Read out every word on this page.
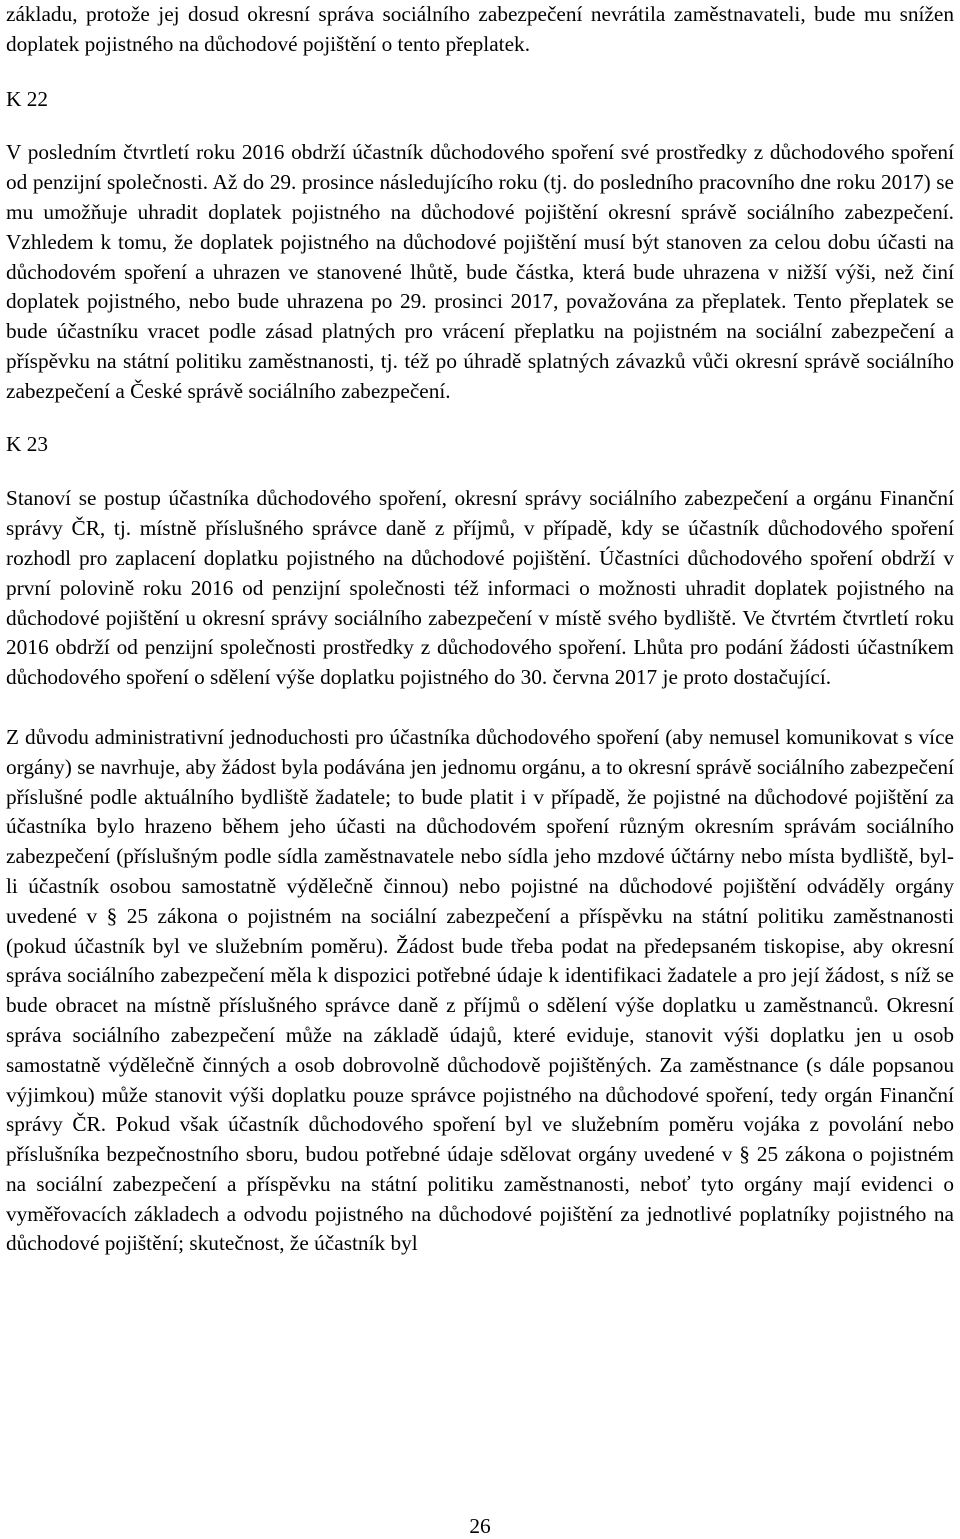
základu, protože jej dosud okresní správa sociálního zabezpečení nevrátila zaměstnavateli, bude mu snížen doplatek pojistného na důchodové pojištění o tento přeplatek.

K 22

V posledním čtvrtletí roku 2016 obdrží účastník důchodového spoření své prostředky z důchodového spoření od penzijní společnosti. Až do 29. prosince následujícího roku (tj. do posledního pracovního dne roku 2017) se mu umožňuje uhradit doplatek pojistného na důchodové pojištění okresní správě sociálního zabezpečení. Vzhledem k tomu, že doplatek pojistného na důchodové pojištění musí být stanoven za celou dobu účasti na důchodovém spoření a uhrazen ve stanovené lhůtě, bude částka, která bude uhrazena v nižší výši, než činí doplatek pojistného, nebo bude uhrazena po 29. prosinci 2017, považována za přeplatek. Tento přeplatek se bude účastníku vracet podle zásad platných pro vrácení přeplatku na pojistném na sociální zabezpečení a příspěvku na státní politiku zaměstnanosti, tj. též po úhradě splatných závazků vůči okresní správě sociálního zabezpečení a České správě sociálního zabezpečení.

K 23

Stanoví se postup účastníka důchodového spoření, okresní správy sociálního zabezpečení a orgánu Finanční správy ČR, tj. místně příslušného správce daně z příjmů, v případě, kdy se účastník důchodového spoření rozhodl pro zaplacení doplatku pojistného na důchodové pojištění. Účastníci důchodového spoření obdrží v první polovině roku 2016 od penzijní společnosti též informaci o možnosti uhradit doplatek pojistného na důchodové pojištění u okresní správy sociálního zabezpečení v místě svého bydliště. Ve čtvrtém čtvrtletí roku 2016 obdrží od penzijní společnosti prostředky z důchodového spoření. Lhůta pro podání žádosti účastníkem důchodového spoření o sdělení výše doplatku pojistného do 30. června 2017 je proto dostačující.

Z důvodu administrativní jednoduchosti pro účastníka důchodového spoření (aby nemusel komunikovat s více orgány) se navrhuje, aby žádost byla podávána jen jednomu orgánu, a to okresní správě sociálního zabezpečení příslušné podle aktuálního bydliště žadatele; to bude platit i v případě, že pojistné na důchodové pojištění za účastníka bylo hrazeno během jeho účasti na důchodovém spoření různým okresním správám sociálního zabezpečení (příslušným podle sídla zaměstnavatele nebo sídla jeho mzdové účtárny nebo místa bydliště, byl-li účastník osobou samostatně výdělečně činnou) nebo pojistné na důchodové pojištění odváděly orgány uvedené v § 25 zákona o pojistném na sociální zabezpečení a příspěvku na státní politiku zaměstnanosti (pokud účastník byl ve služebním poměru). Žádost bude třeba podat na předepsaném tiskopise, aby okresní správa sociálního zabezpečení měla k dispozici potřebné údaje k identifikaci žadatele a pro její žádost, s níž se bude obracet na místně příslušného správce daně z příjmů o sdělení výše doplatku u zaměstnanců. Okresní správa sociálního zabezpečení může na základě údajů, které eviduje, stanovit výši doplatku jen u osob samostatně výdělečně činných a osob dobrovolně důchodově pojištěných. Za zaměstnance (s dále popsanou výjimkou) může stanovit výši doplatku pouze správce pojistného na důchodové spoření, tedy orgán Finanční správy ČR. Pokud však účastník důchodového spoření byl ve služebním poměru vojáka z povolání nebo příslušníka bezpečnostního sboru, budou potřebné údaje sdělovat orgány uvedené v § 25 zákona o pojistném na sociální zabezpečení a příspěvku na státní politiku zaměstnanosti, neboť tyto orgány mají evidenci o vyměřovacích základech a odvodu pojistného na důchodové pojištění za jednotlivé poplatníky pojistného na důchodové pojištění; skutečnost, že účastník byl

26
